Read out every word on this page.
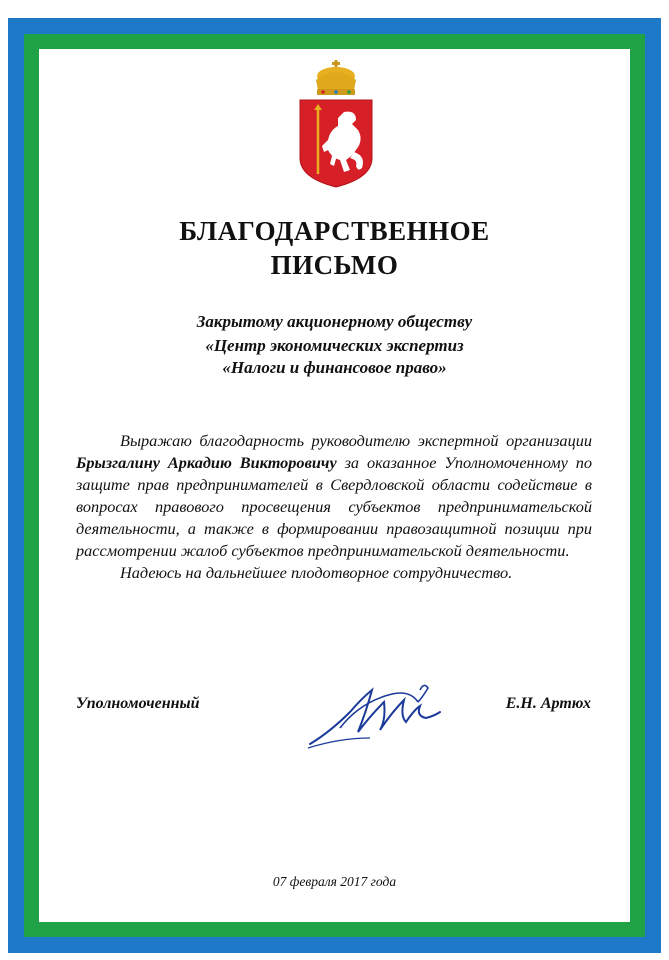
БЛАГОДАРСТВЕННОЕ
ПИСЬМО
Закрытому акционерному обществу
«Центр экономических экспертиз
«Налоги и финансовое право»

Выражаю благодарность руководителю экспертной организации Брызгалину Аркадию Викторовичу за оказанное Уполномоченному по защите прав предпринимателей в Свердловской области содействие в вопросах правового просвещения субъектов предпринимательской деятельности, а также в формировании правозащитной позиции при рассмотрении жалоб субъектов предпринимательской деятельности.

Надеюсь на дальнейшее плодотворное сотрудничество.

Уполномоченный	Е.Н. Артюх
07 февраля 2017 года
